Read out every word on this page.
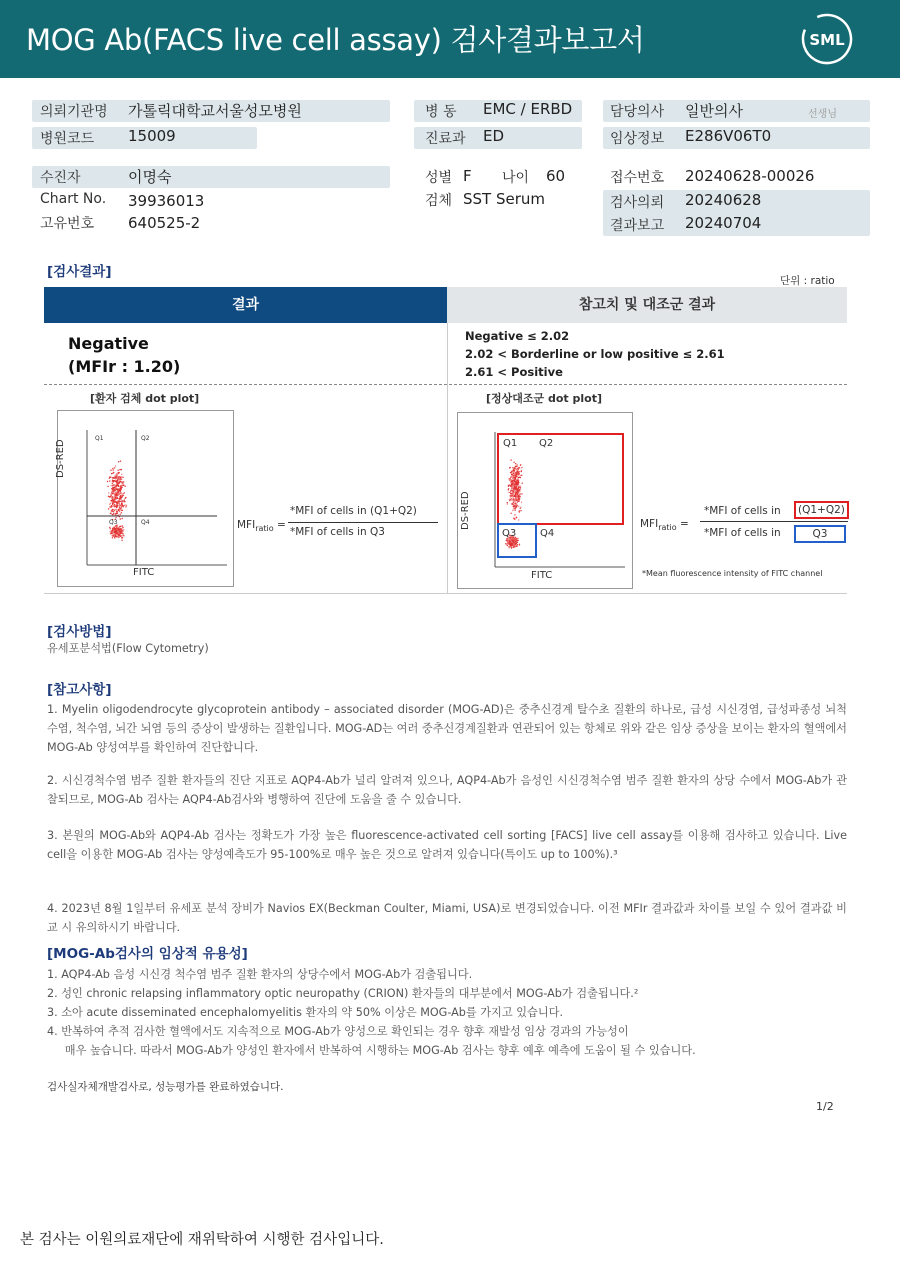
MOG Ab(FACS live cell assay) 검사결과보고서	SML
의뢰기관명 가톨릭대학교서울성모병원
병원코드 15009
병 동 EMC / ERBD
진료과 ED
담당의사 일반의사	선생님
임상정보 E286V06T0
수진자	이명숙
Chart No. 39936013
고유번호 640525-2
성별 F 나이 60
검체 SST Serum
접수번호 20240628-00026
검사의뢰 20240628
결과보고 20240704
[검사결과]
단위 : ratio
결과	참고치 및 대조군 결과
Negative
(MFIr : 1.20)
Negative ≤ 2.02
2.02 < Borderline or low positive ≤ 2.61
2.61 < Positive
[환자 검체 dot plot]
Q1	Q2
Q3	Q4
DS-RED
FITC
$MFI_{ratio}$ =
*MFI of cells in (Q1+Q2)
*MFI of cells in Q3
[정상대조군 dot plot]
Q1 Q2
Q3 Q4
DS-RED
FITC
$MFI_{ratio}$ =
*MFI of cells in	(Q1+Q2)
*MFI of cells in	Q3
*Mean fluorescence intensity of FITC channel
[검사방법]
유세포분석법(Flow Cytometry)
[참고사항]
1. Myelin oligodendrocyte glycoprotein antibody – associated disorder (MOG-AD)은 중추신경계 탈수초 질환의 하나로, 급성 시신경염, 급성파종성 뇌척수염, 척수염, 뇌간 뇌염 등의 증상이 발생하는 질환입니다. MOG-AD는 여러 중추신경계질환과 연관되어 있는 항체로 위와 같은 임상 증상을 보이는 환자의 혈액에서 MOG-Ab 양성여부를 확인하여 진단합니다.
2. 시신경척수염 범주 질환 환자들의 진단 지표로 AQP4-Ab가 널리 알려져 있으나, AQP4-Ab가 음성인 시신경척수염 범주 질환 환자의 상당 수에서 MOG-Ab가 관찰되므로, MOG-Ab 검사는 AQP4-Ab검사와 병행하여 진단에 도움을 줄 수 있습니다.
3. 본원의 MOG-Ab와 AQP4-Ab 검사는 정확도가 가장 높은 fluorescence-activated cell sorting [FACS] live cell assay를 이용해 검사하고 있습니다. Live cell을 이용한 MOG-Ab 검사는 양성예측도가 95-100%로 매우 높은 것으로 알려져 있습니다(특이도 up to 100%).³
4. 2023년 8월 1일부터 유세포 분석 장비가 Navios EX(Beckman Coulter, Miami, USA)로 변경되었습니다. 이전 MFIr 결과값과 차이를 보일 수 있어 결과값 비교 시 유의하시기 바랍니다.
[MOG-Ab검사의 임상적 유용성]
1. AQP4-Ab 음성 시신경 척수염 범주 질환 환자의 상당수에서 MOG-Ab가 검출됩니다.
2. 성인 chronic relapsing inflammatory optic neuropathy (CRION) 환자들의 대부분에서 MOG-Ab가 검출됩니다.²
3. 소아 acute disseminated encephalomyelitis 환자의 약 50% 이상은 MOG-Ab를 가지고 있습니다.
4. 반복하여 추적 검사한 혈액에서도 지속적으로 MOG-Ab가 양성으로 확인되는 경우 향후 재발성 임상 경과의 가능성이
매우 높습니다. 따라서 MOG-Ab가 양성인 환자에서 반복하여 시행하는 MOG-Ab 검사는 향후 예후 예측에 도움이 될 수 있습니다.
검사실자체개발검사로, 성능평가를 완료하였습니다.
1/2
본 검사는 이원의료재단에 재위탁하여 시행한 검사입니다.
